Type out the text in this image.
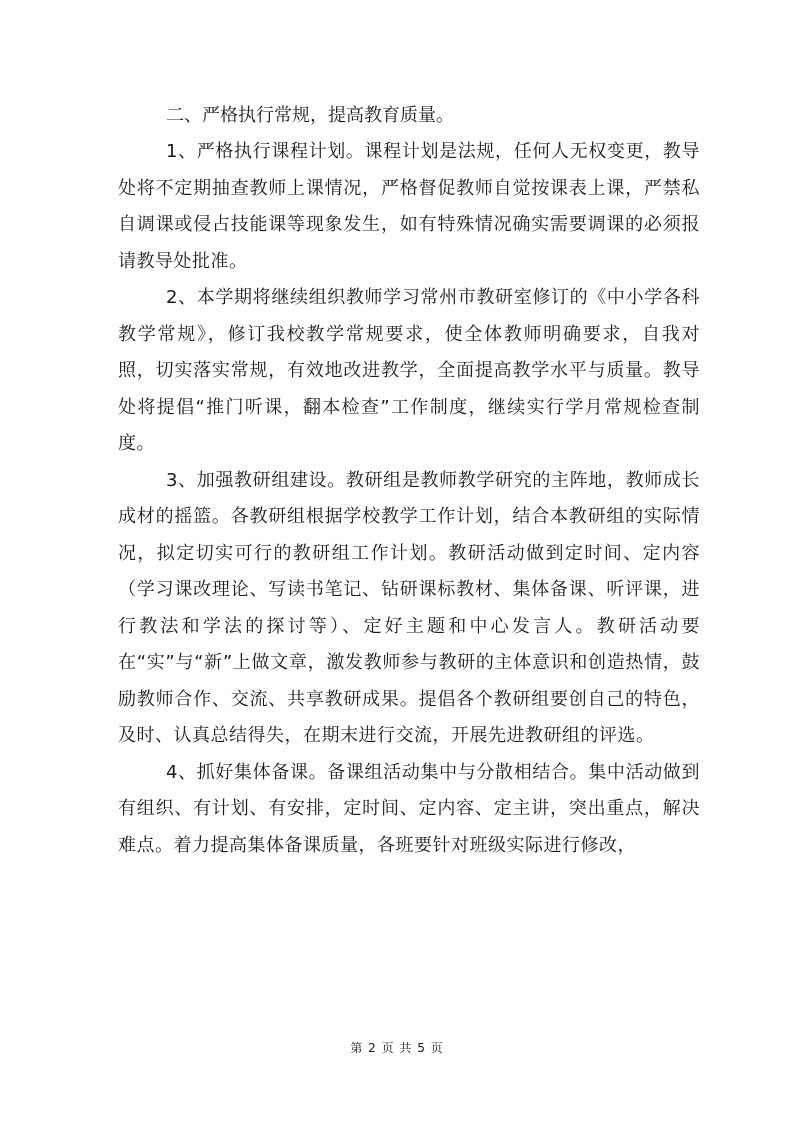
二、严格执行常规，提高教育质量。

1、严格执行课程计划。课程计划是法规，任何人无权变更，教导处将不定期抽查教师上课情况，严格督促教师自觉按课表上课，严禁私自调课或侵占技能课等现象发生，如有特殊情况确实需要调课的必须报请教导处批准。

2、本学期将继续组织教师学习常州市教研室修订的《中小学各科教学常规》，修订我校教学常规要求，使全体教师明确要求，自我对照，切实落实常规，有效地改进教学，全面提高教学水平与质量。教导处将提倡“推门听课，翻本检查”工作制度，继续实行学月常规检查制度。

3、加强教研组建设。教研组是教师教学研究的主阵地，教师成长成材的摇篮。各教研组根据学校教学工作计划，结合本教研组的实际情况，拟定切实可行的教研组工作计划。教研活动做到定时间、定内容（学习课改理论、写读书笔记、钻研课标教材、集体备课、听评课，进行教法和学法的探讨等）、定好主题和中心发言人。教研活动要在“实”与“新”上做文章，激发教师参与教研的主体意识和创造热情，鼓励教师合作、交流、共享教研成果。提倡各个教研组要创自己的特色，及时、认真总结得失，在期末进行交流，开展先进教研组的评选。

4、抓好集体备课。备课组活动集中与分散相结合。集中活动做到有组织、有计划、有安排，定时间、定内容、定主讲，突出重点，解决难点。着力提高集体备课质量，各班要针对班级实际进行修改，

第 2 页 共 5 页
